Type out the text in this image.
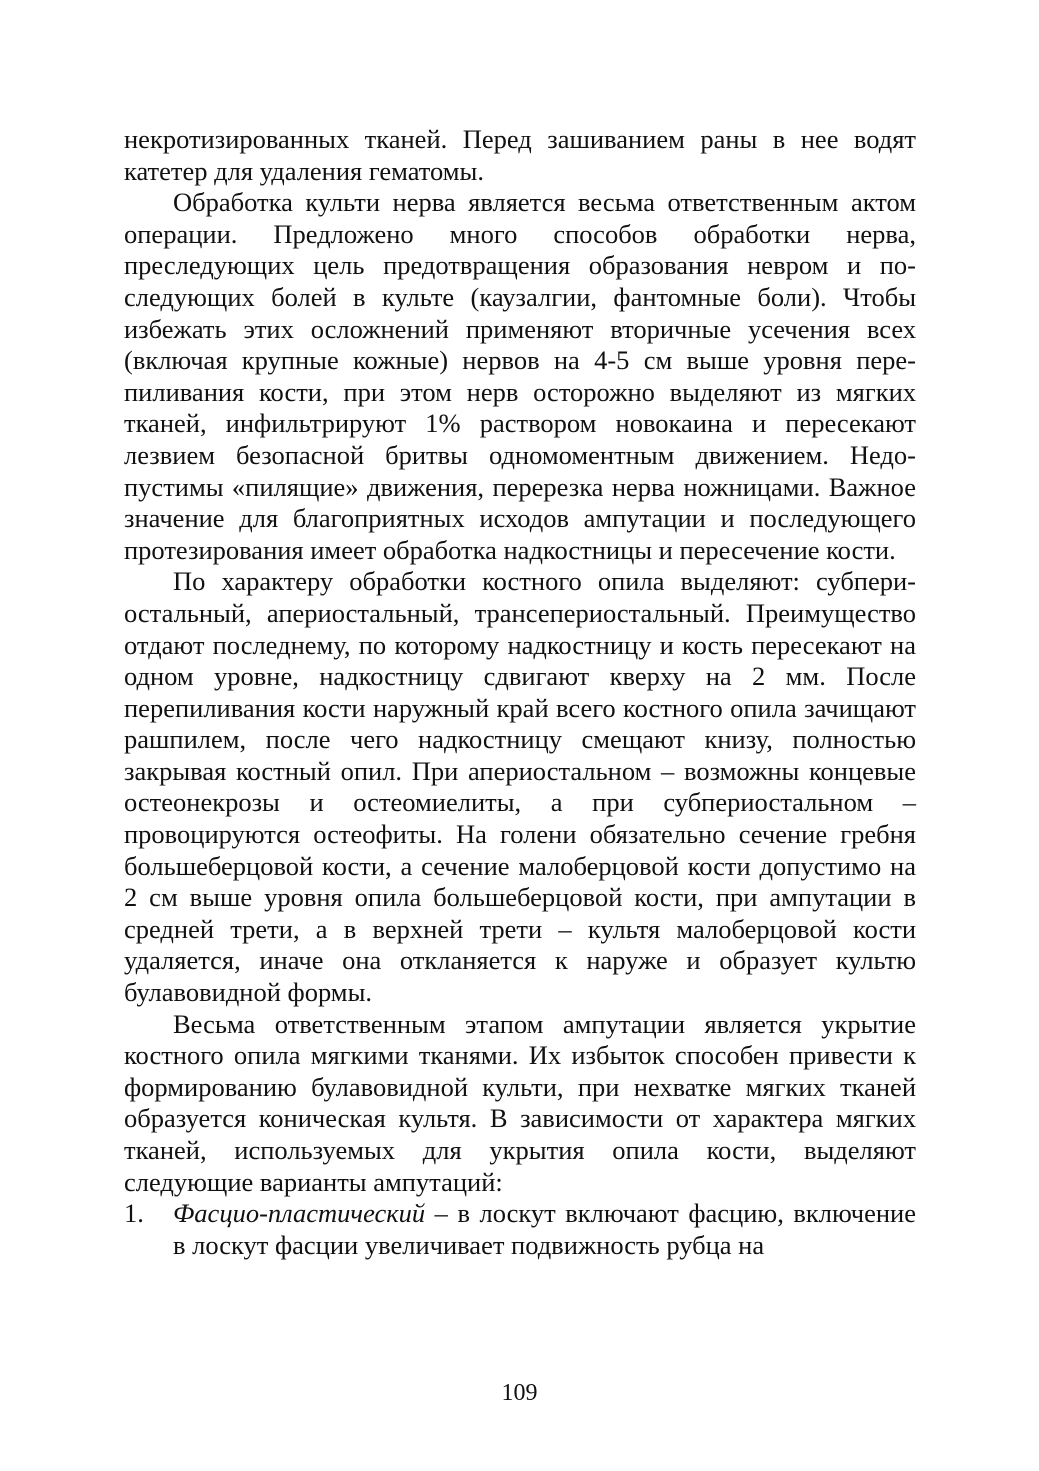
некротизированных тканей. Перед зашиванием раны в нее водят катетер для удаления гематомы.

Обработка культи нерва является весьма ответственным актом операции. Предложено много способов обработки нерва, преследующих цель предотвращения образования невром и последующих болей в культе (каузалгии, фантомные боли). Чтобы избежать этих осложнений применяют вторичные усечения всех (включая крупные кожные) нервов на 4-5 см выше уровня перепиливания кости, при этом нерв осторожно выделяют из мягких тканей, инфильтрируют 1% раствором новокаина и пересекают лезвием безопасной бритвы одномоментным движением. Недопустимы «пилящие» движения, перерезка нерва ножницами. Важное значение для благоприятных исходов ампутации и последующего протезирования имеет обработка надкостницы и пересечение кости.

По характеру обработки костного опила выделяют: субпериостальный, апериостальный, трансепериостальный. Преимущество отдают последнему, по которому надкостницу и кость пересекают на одном уровне, надкостницу сдвигают кверху на 2 мм. После перепиливания кости наружный край всего костного опила зачищают рашпилем, после чего надкостницу смещают книзу, полностью закрывая костный опил. При апериостальном – возможны концевые остеонекрозы и остеомиелиты, а при субпериостальном – провоцируются остеофиты. На голени обязательно сечение гребня большеберцовой кости, а сечение малоберцовой кости допустимо на 2 см выше уровня опила большеберцовой кости, при ампутации в средней трети, а в верхней трети – культя малоберцовой кости удаляется, иначе она откланяется к наруже и образует культю булавовидной формы.

Весьма ответственным этапом ампутации является укрытие костного опила мягкими тканями. Их избыток способен привести к формированию булавовидной культи, при нехватке мягких тканей образуется коническая культя. В зависимости от характера мягких тканей, используемых для укрытия опила кости, выделяют следующие варианты ампутаций:

1. Фасцио-пластический – в лоскут включают фасцию, включение в лоскут фасции увеличивает подвижность рубца на
109
